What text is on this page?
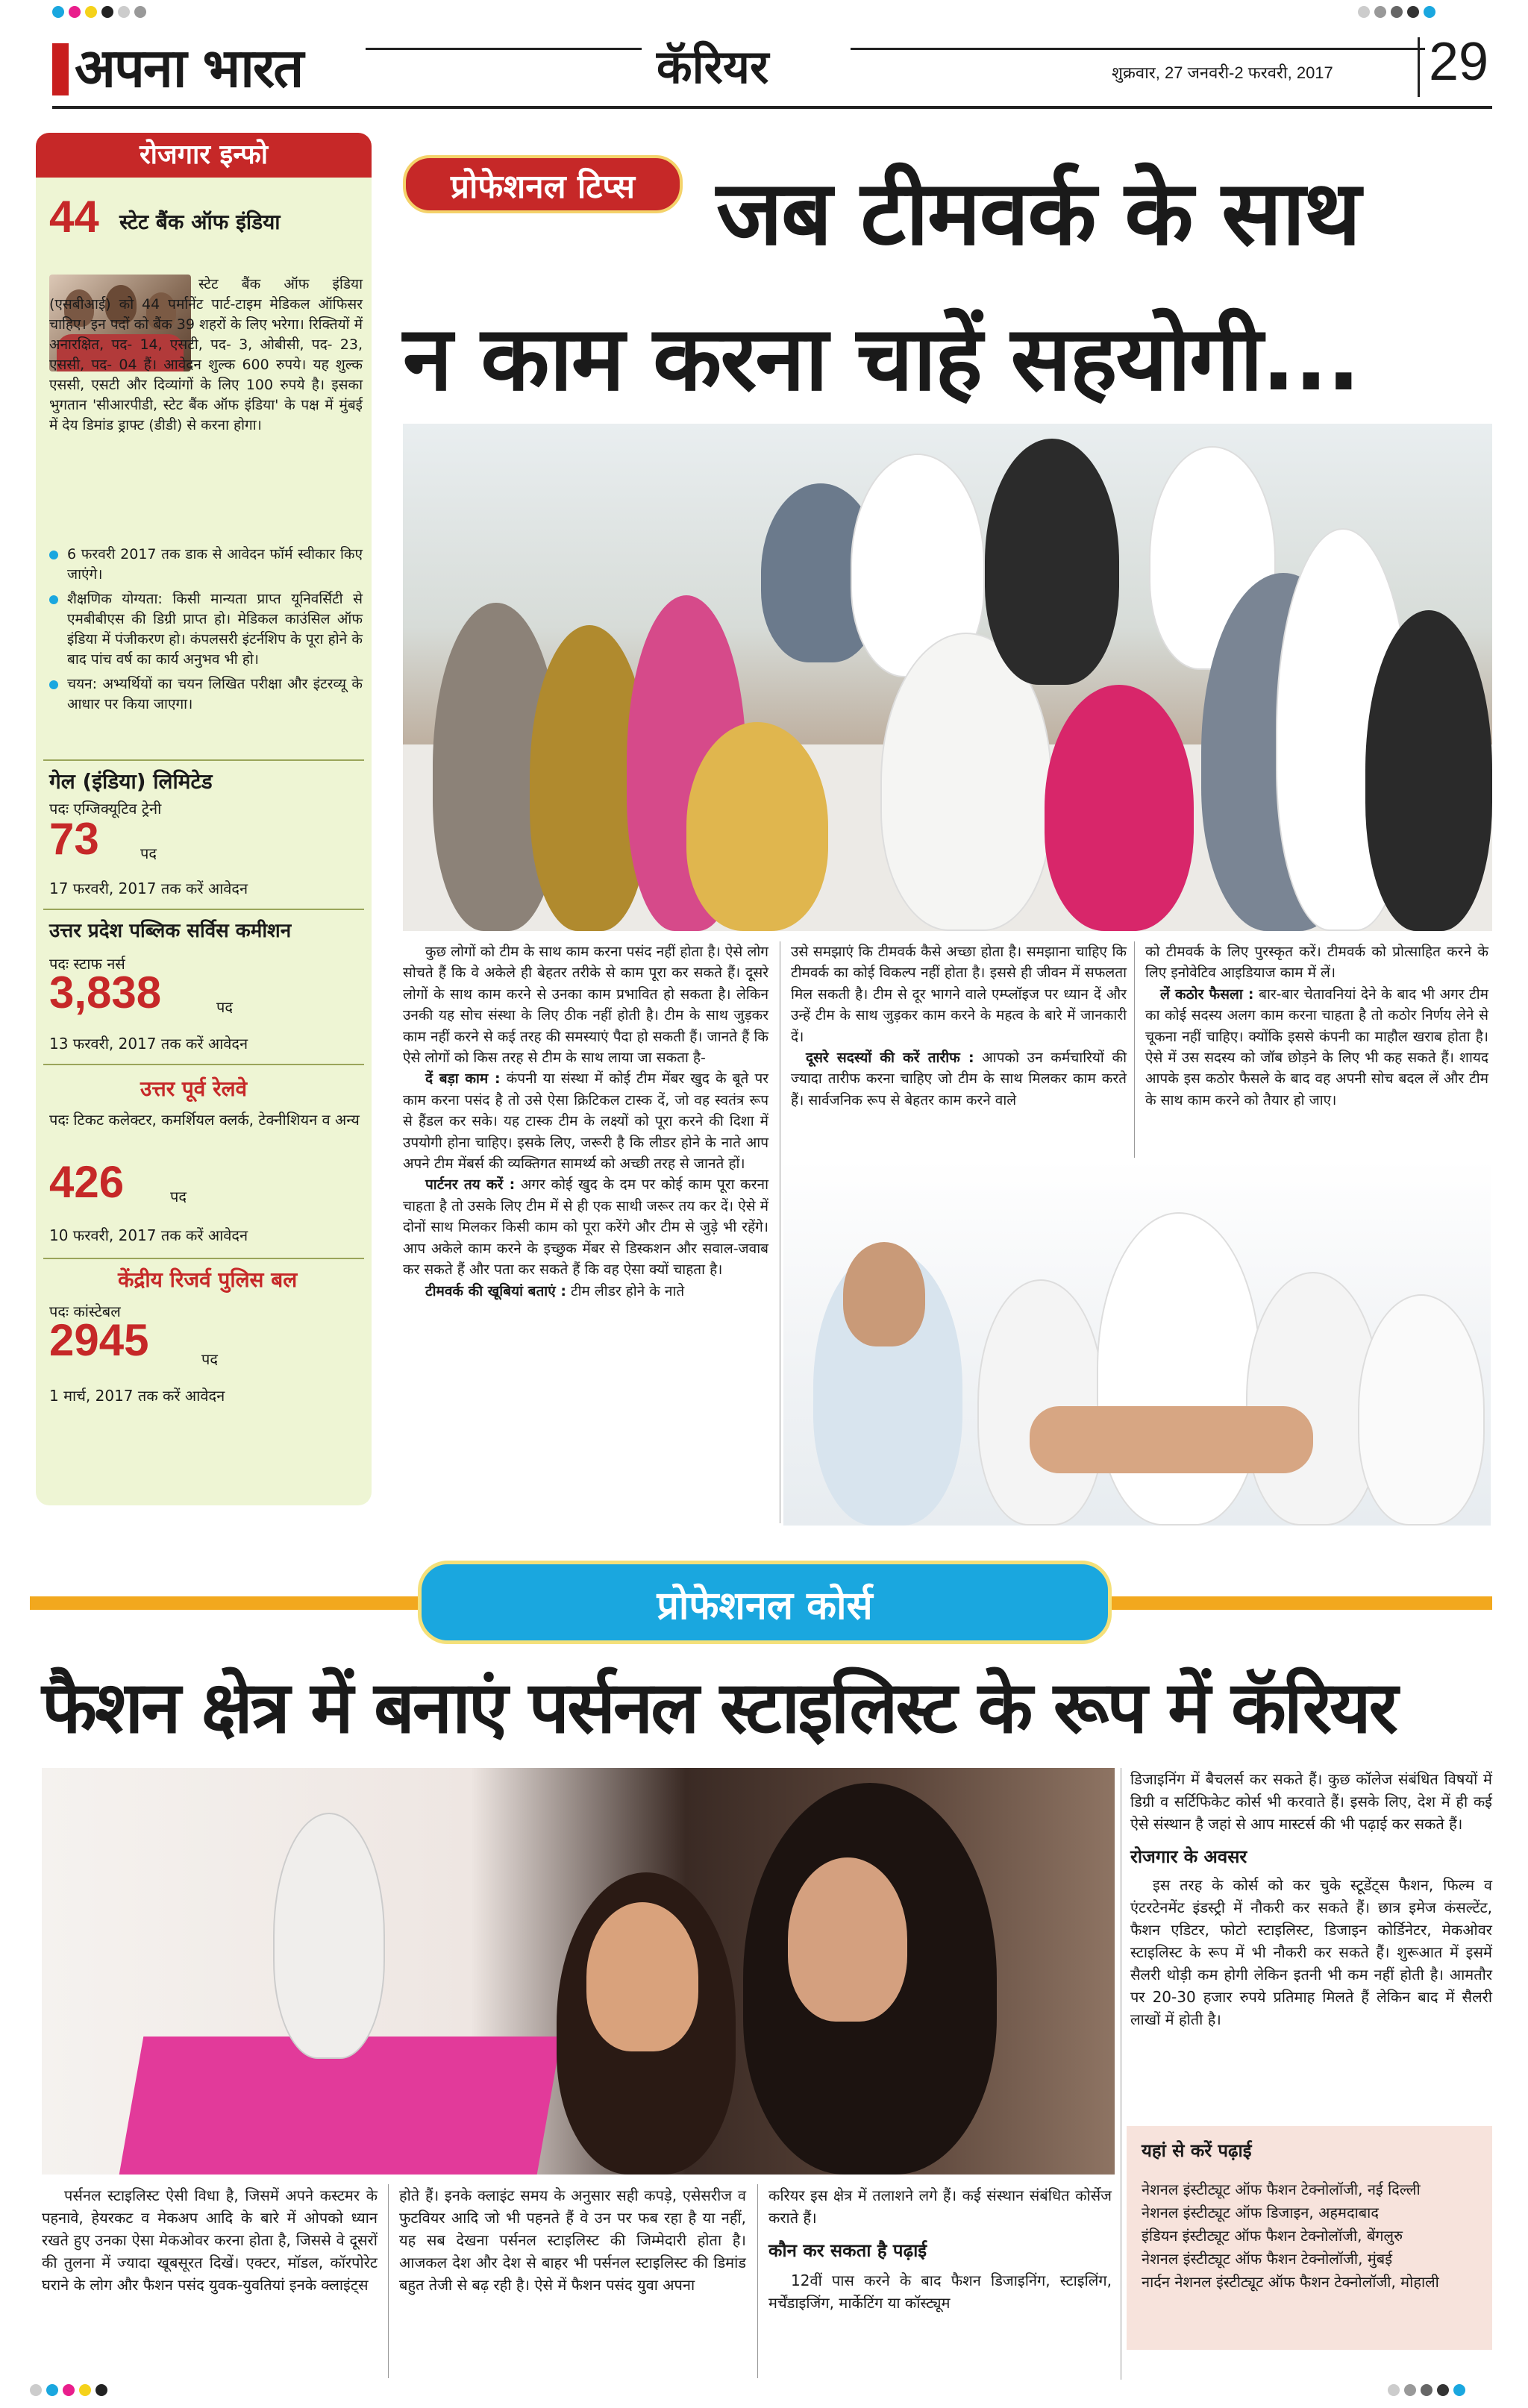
अपना भारत	कॅरियर	शुक्रवार, 27 जनवरी-2 फरवरी, 2017 29
रोजगार इन्फो
44 स्टेट बैंक ऑफ इंडिया

स्टेट बैंक ऑफ इंडिया (एसबीआई) को 44 पर्मानेंट पार्ट-टाइम मेडिकल ऑफिसर चाहिए। इन पदों को बैंक 39 शहरों के लिए भरेगा। रिक्तियों में अनारक्षित, पद- 14, एसटी, पद- 3, ओबीसी, पद- 23, एससी, पद- 04 हैं। आवेदन शुल्क 600 रुपये। यह शुल्क एससी, एसटी और दिव्यांगों के लिए 100 रुपये है। इसका भुगतान 'सीआरपीडी, स्टेट बैंक ऑफ इंडिया' के पक्ष में मुंबई में देय डिमांड ड्राफ्ट (डीडी) से करना होगा।

6 फरवरी 2017 तक डाक से आवेदन फॉर्म स्वीकार किए जाएंगे।

शैक्षणिक योग्यता: किसी मान्यता प्राप्त यूनिवर्सिटी से एमबीबीएस की डिग्री प्राप्त हो। मेडिकल काउंसिल ऑफ इंडिया में पंजीकरण हो। कंपलसरी इंटर्नशिप के पूरा होने के बाद पांच वर्ष का कार्य अनुभव भी हो।

चयन: अभ्यर्थियों का चयन लिखित परीक्षा और इंटरव्यू के आधार पर किया जाएगा।

गेल (इंडिया) लिमिटेड
पदः एग्जिक्यूटिव ट्रेनी
73	पद
17 फरवरी, 2017 तक करें आवेदन
उत्तर प्रदेश पब्लिक सर्विस कमीशन
पदः स्टाफ नर्स
3,838	पद
13 फरवरी, 2017 तक करें आवेदन
उत्तर पूर्व रेलवे
पदः टिकट कलेक्टर, कमर्शियल क्लर्क, टेक्नीशियन व अन्य
426	पद
10 फरवरी, 2017 तक करें आवेदन
केंद्रीय रिजर्व पुलिस बल
पदः कांस्टेबल
2945	पद
1 मार्च, 2017 तक करें आवेदन
प्रोफेशनल टिप्स जब टीमवर्क के साथ
न काम करना चाहें सहयोगी...

कुछ लोगों को टीम के साथ काम करना पसंद नहीं होता है। ऐसे लोग सोचते हैं कि वे अकेले ही बेहतर तरीके से काम पूरा कर सकते हैं। दूसरे लोगों के साथ काम करने से उनका काम प्रभावित हो सकता है। लेकिन उनकी यह सोच संस्था के लिए ठीक नहीं होती है। टीम के साथ जुड़कर काम नहीं करने से कई तरह की समस्याएं पैदा हो सकती हैं। जानते हैं कि ऐसे लोगों को किस तरह से टीम के साथ लाया जा सकता है-

दें बड़ा काम : कंपनी या संस्था में कोई टीम मेंबर खुद के बूते पर काम करना पसंद है तो उसे ऐसा क्रिटिकल टास्क दें, जो वह स्वतंत्र रूप से हैंडल कर सके। यह टास्क टीम के लक्ष्यों को पूरा करने की दिशा में उपयोगी होना चाहिए। इसके लिए, जरूरी है कि लीडर होने के नाते आप अपने टीम मेंबर्स की व्यक्तिगत सामर्थ्य को अच्छी तरह से जानते हों।

पार्टनर तय करें : अगर कोई खुद के दम पर कोई काम पूरा करना चाहता है तो उसके लिए टीम में से ही एक साथी जरूर तय कर दें। ऐसे में दोनों साथ मिलकर किसी काम को पूरा करेंगे और टीम से जुड़े भी रहेंगे। आप अकेले काम करने के इच्छुक मेंबर से डिस्कशन और सवाल-जवाब कर सकते हैं और पता कर सकते हैं कि वह ऐसा क्यों चाहता है।

टीमवर्क की खूबियां बताएं : टीम लीडर होने के नाते

उसे समझाएं कि टीमवर्क कैसे अच्छा होता है। समझाना चाहिए कि टीमवर्क का कोई विकल्प नहीं होता है। इससे ही जीवन में सफलता मिल सकती है। टीम से दूर भागने वाले एम्प्लॉइज पर ध्यान दें और उन्हें टीम के साथ जुड़कर काम करने के महत्व के बारे में जानकारी दें।

दूसरे सदस्यों की करें तारीफ : आपको उन कर्मचारियों की ज्यादा तारीफ करना चाहिए जो टीम के साथ मिलकर काम करते हैं। सार्वजनिक रूप से बेहतर काम करने वाले

को टीमवर्क के लिए पुरस्कृत करें। टीमवर्क को प्रोत्साहित करने के लिए इनोवेटिव आइडियाज काम में लें।

लें कठोर फैसला : बार-बार चेतावनियां देने के बाद भी अगर टीम का कोई सदस्य अलग काम करना चाहता है तो कठोर निर्णय लेने से चूकना नहीं चाहिए। क्योंकि इससे कंपनी का माहौल खराब होता है। ऐसे में उस सदस्य को जॉब छोड़ने के लिए भी कह सकते हैं। शायद आपके इस कठोर फैसले के बाद वह अपनी सोच बदल लें और टीम के साथ काम करने को तैयार हो जाए।

प्रोफेशनल कोर्स
फैशन क्षेत्र में बनाएं पर्सनल स्टाइलिस्ट के रूप में कॅरियर

पर्सनल स्टाइलिस्ट ऐसी विधा है, जिसमें अपने कस्टमर के पहनावे, हेयरकट व मेकअप आदि के बारे में ओपको ध्यान रखते हुए उनका ऐसा मेकओवर करना होता है, जिससे वे दूसरों की तुलना में ज्यादा खूबसूरत दिखें। एक्टर, मॉडल, कॉरपोरेट घराने के लोग और फैशन पसंद युवक-युवतियां इनके क्लाइंट्स

होते हैं। इनके क्लाइंट समय के अनुसार सही कपड़े, एसेसरीज व फुटवियर आदि जो भी पहनते हैं वे उन पर फब रहा है या नहीं, यह सब देखना पर्सनल स्टाइलिस्ट की जिम्मेदारी होता है। आजकल देश और देश से बाहर भी पर्सनल स्टाइलिस्ट की डिमांड बहुत तेजी से बढ़ रही है। ऐसे में फैशन पसंद युवा अपना

करियर इस क्षेत्र में तलाशने लगे हैं। कई संस्थान संबंधित कोर्सेज कराते हैं।

कौन कर सकता है पढ़ाई

12वीं पास करने के बाद फैशन डिजाइनिंग, स्टाइलिंग, मर्चेंडाइजिंग, मार्केटिंग या कॉस्ट्यूम

डिजाइनिंग में बैचलर्स कर सकते हैं। कुछ कॉलेज संबंधित विषयों में डिग्री व सर्टिफिकेट कोर्स भी करवाते हैं। इसके लिए, देश में ही कई ऐसे संस्थान है जहां से आप मास्टर्स की भी पढ़ाई कर सकते हैं।

रोजगार के अवसर

इस तरह के कोर्स को कर चुके स्टूडेंट्स फैशन, फिल्म व एंटरटेनमेंट इंडस्ट्री में नौकरी कर सकते हैं। छात्र इमेज कंसल्टेंट, फैशन एडिटर, फोटो स्टाइलिस्ट, डिजाइन कोर्डिनेटर, मेकओवर स्टाइलिस्ट के रूप में भी नौकरी कर सकते हैं। शुरूआत में इसमें सैलरी थोड़ी कम होगी लेकिन इतनी भी कम नहीं होती है। आमतौर पर 20-30 हजार रुपये प्रतिमाह मिलते हैं लेकिन बाद में सैलरी लाखों में होती है।

यहां से करें पढ़ाई
नेशनल इंस्टीट्यूट ऑफ फैशन टेक्नोलॉजी, नई दिल्ली
नेशनल इंस्टीट्यूट ऑफ डिजाइन, अहमदाबाद
इंडियन इंस्टीट्यूट ऑफ फैशन टेक्नोलॉजी, बेंगलुरु
नेशनल इंस्टीट्यूट ऑफ फैशन टेक्नोलॉजी, मुंबई
नार्दन नेशनल इंस्टीट्यूट ऑफ फैशन टेक्नोलॉजी, मोहाली
